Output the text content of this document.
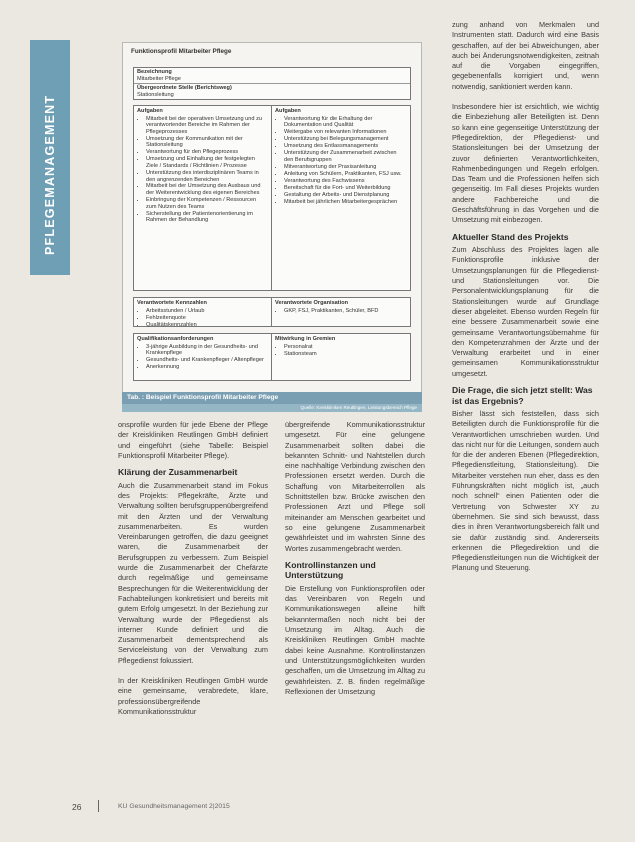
PFLEGEMANAGEMENT
Funktionsprofil Mitarbeiter Pflege
Bezeichnung
Mitarbeiter Pflege
Übergeordnete Stelle (Berichtsweg)
Stationsleitung
Aufgaben
• Mitarbeit bei der operativen Umsetzung und zu verantwortender Bereiche im Rahmen der Pflegeprozesses
• Umsetzung der Kommunikation mit der Stationsleitung
• Verantwortung für den Pflegeprozess
• Umsetzung und Einhaltung der festgelegten Ziele / Standards / Richtlinien / Prozesse
• Unterstützung des interdisziplinären Teams in den angrenzenden Bereichen
• Mitarbeit bei der Umsetzung des Ausbaus und der Weiterentwicklung des eigenen Bereiches
• Einbringung der Kompetenzen / Ressourcen zum Nutzen des Teams
• Sicherstellung der Patientenorientierung im Rahmen der Behandlung
Aufgaben
• Verantwortung für die Erhaltung der Dokumentation und Qualität
• Weitergabe von relevanten Informationen
• Unterstützung bei Belegungsmanagement
• Umsetzung des Entlassmanagements
• Unterstützung der Zusammenarbeit zwischen den Berufsgruppen
• Mitverantwortung der Praxisanleitung
• Anleitung von Schülern, Praktikanten, FSJ usw.
• Verantwortung des Fachwissens
• Bereitschaft für die Fort- und Weiterbildung
• Gestaltung der Arbeits- und Dienstplanung
• Mitarbeit bei jährlichen Mitarbeitergesprächen
Verantwortete Kennzahlen
• Arbeitsstunden / Urlaub
• Fehlzeitenquote
• Qualitätskennzahlen
Verantwortete Organisation
• GKP, FSJ, Praktikanten, Schüler, BFD
Qualifikationsanforderungen
• 3-jährige Ausbildung in der Gesundheits- und Krankenpflege
• Gesundheits- und Krankenpfleger / Altenpfleger
• Anerkennung
Mitwirkung in Gremien
• Personalrat
• Stationsteam
Tab. : Beispiel Funktionsprofil Mitarbeiter Pflege
Quelle: Kreiskliniken Reutlingen, Leistungsbereich Pflege

onsprofile wurden für jede Ebene der Pflege der Kreiskliniken Reutlingen GmbH definiert und eingeführt (siehe Tabelle: Beispiel Funktionsprofil Mitarbeiter Pflege).

Klärung der Zusammenarbeit

Auch die Zusammenarbeit stand im Fokus des Projekts: Pflegekräfte, Ärzte und Verwaltung sollten berufsgruppenübergreifend mit den Ärzten und der Verwaltung zusammenarbeiten. Es wurden Vereinbarungen getroffen, die dazu geeignet waren, die Zusammenarbeit der Berufsgruppen zu verbessern. Zum Beispiel wurde die Zusammenarbeit der Chefärzte durch regelmäßige und gemeinsame Besprechungen für die Weiterentwicklung der Fachabteilungen konkretisiert und bereits mit gutem Erfolg umgesetzt. In der Beziehung zur Verwaltung wurde der Pflegedienst als interner Kunde definiert und die Zusammenarbeit dementsprechend als Serviceleistung von der Verwaltung zum Pflegedienst fokussiert.

In der Kreiskliniken Reutlingen GmbH wurde eine gemeinsame, verabredete, klare, professionsübergreifende Kommunikationsstruktur

übergreifende Kommunikationsstruktur umgesetzt. Für eine gelungene Zusammenarbeit sollten dabei die bekannten Schnitt- und Nahtstellen durch eine nachhaltige Verbindung zwischen den Professionen ersetzt werden. Durch die Schaffung von Mitarbeiterrollen als Schnittstellen bzw. Brücke zwischen den Professionen Arzt und Pflege soll miteinander am Menschen gearbeitet und so eine gelungene Zusammenarbeit gewährleistet und im wahrsten Sinne des Wortes zusammengebracht werden.

Kontrollinstanzen und Unterstützung

Die Erstellung von Funktionsprofilen oder das Vereinbaren von Regeln und Kommunikationswegen alleine hilft bekanntermaßen noch nicht bei der Umsetzung im Alltag. Auch die Kreiskliniken Reutlingen GmbH machte dabei keine Ausnahme. Kontrollinstanzen und Unterstützungsmöglichkeiten wurden geschaffen, um die Umsetzung im Alltag zu gewährleisten. Z. B. finden regelmäßige Reflexionen der Umsetzung

zung anhand von Merkmalen und Instrumenten statt. Dadurch wird eine Basis geschaffen, auf der bei Abweichungen, aber auch bei Änderungsnotwendigkeiten, zeitnah auf die Vorgaben eingegriffen, gegebenenfalls korrigiert und, wenn notwendig, sanktioniert werden kann.

Insbesondere hier ist ersichtlich, wie wichtig die Einbeziehung aller Beteiligten ist. Denn so kann eine gegenseitige Unterstützung der Pflegedirektion, der Pflegedienst- und Stationsleitungen bei der Umsetzung der zuvor definierten Verantwortlichkeiten, Rahmenbedingungen und Regeln erfolgen. Das Team und die Professionen helfen sich gegenseitig. Im Fall dieses Projekts wurden andere Fachbereiche und die Geschäftsführung in das Vorgehen und die Umsetzung mit einbezogen.

Aktueller Stand des Projekts

Zum Abschluss des Projektes lagen alle Funktionsprofile inklusive der Umsetzungsplanungen für die Pflegedienst- und Stationsleitungen vor. Die Personalentwicklungsplanung für die Stationsleitungen wurde auf Grundlage dieser abgeleitet. Ebenso wurden Regeln für eine bessere Zusammenarbeit sowie eine gemeinsame Verantwortungsübernahme für den Kompetenzrahmen der Ärzte und der Verwaltung erarbeitet und in einer gemeinsamen Kommunikationsstruktur umgesetzt.

Die Frage, die sich jetzt stellt: Was ist das Ergebnis?

Bisher lässt sich feststellen, dass sich Beteiligten durch die Funktionsprofile für die Verantwortlichen umschrieben wurden. Und das nicht nur für die Leitungen, sondern auch für die der anderen Ebenen (Pflegedirektion, Pflegedienstleitung, Stationsleitung). Die Mitarbeiter verstehen nun eher, dass es den Führungskräften nicht möglich ist, „auch noch schnell“ einen Patienten oder die Vertretung von Schwester XY zu übernehmen. Sie sind sich bewusst, dass dies in ihren Verantwortungsbereich fällt und sie dafür zuständig sind. Andererseits erkennen die Pflegedirektion und die Pflegedienstleitungen nun die Wichtigkeit der Planung und Steuerung.

26	KU Gesundheitsmanagement 2|2015
